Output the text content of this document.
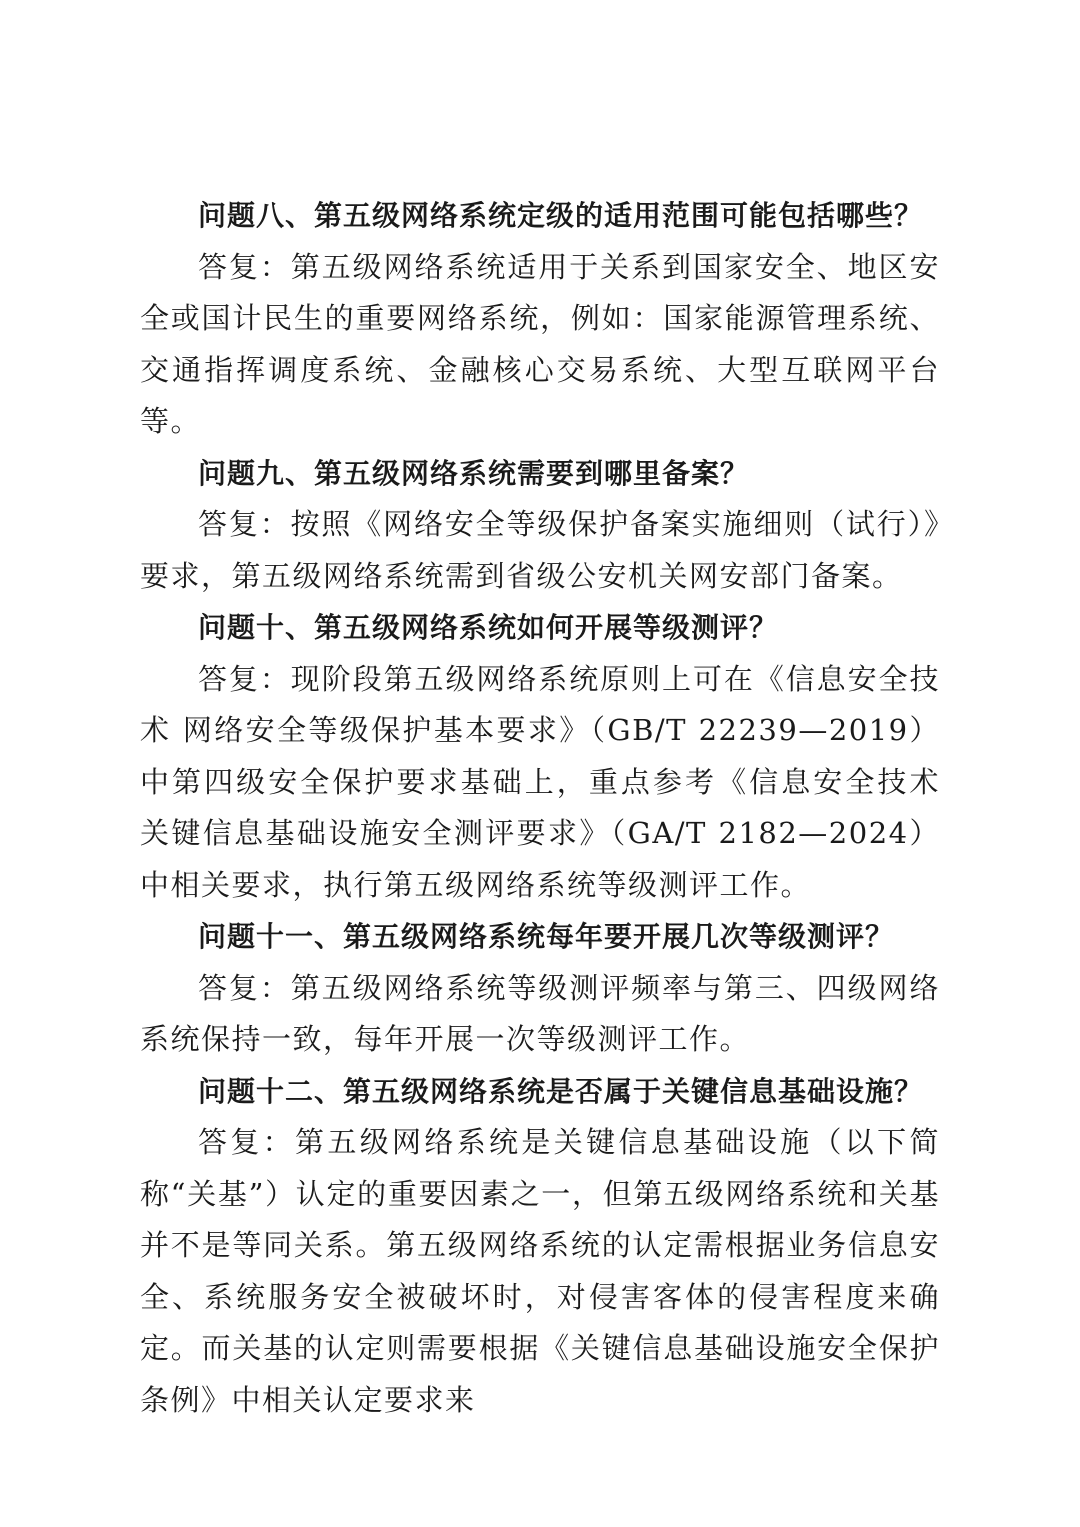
问题八、第五级网络系统定级的适用范围可能包括哪些？

答复：第五级网络系统适用于关系到国家安全、地区安全或国计民生的重要网络系统，例如：国家能源管理系统、交通指挥调度系统、金融核心交易系统、大型互联网平台等。

问题九、第五级网络系统需要到哪里备案？

答复：按照《网络安全等级保护备案实施细则（试行）》要求，第五级网络系统需到省级公安机关网安部门备案。

问题十、第五级网络系统如何开展等级测评？

答复：现阶段第五级网络系统原则上可在《信息安全技术 网络安全等级保护基本要求》（GB/T 22239—2019）中第四级安全保护要求基础上，重点参考《信息安全技术 关键信息基础设施安全测评要求》（GA/T 2182—2024）中相关要求，执行第五级网络系统等级测评工作。

问题十一、第五级网络系统每年要开展几次等级测评？

答复：第五级网络系统等级测评频率与第三、四级网络系统保持一致，每年开展一次等级测评工作。

问题十二、第五级网络系统是否属于关键信息基础设施？

答复：第五级网络系统是关键信息基础设施（以下简称“关基”）认定的重要因素之一，但第五级网络系统和关基并不是等同关系。第五级网络系统的认定需根据业务信息安全、系统服务安全被破坏时，对侵害客体的侵害程度来确定。而关基的认定则需要根据《关键信息基础设施安全保护条例》中相关认定要求来
